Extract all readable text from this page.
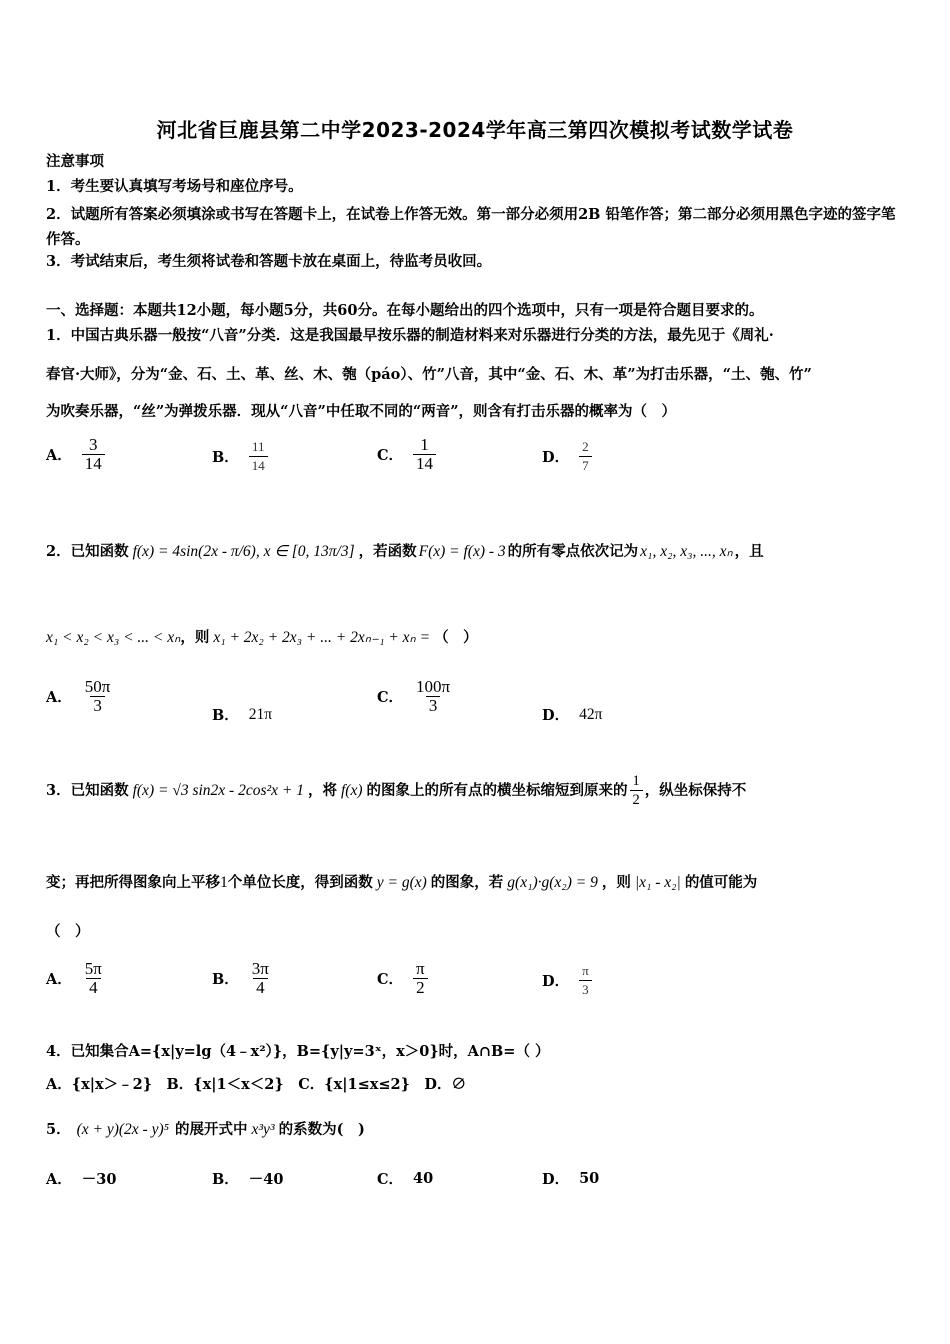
河北省巨鹿县第二中学2023-2024学年高三第四次模拟考试数学试卷
注意事项
1．考生要认真填写考场号和座位序号。
2．试题所有答案必须填涂或书写在答题卡上，在试卷上作答无效。第一部分必须用2B 铅笔作答；第二部分必须用黑色字迹的签字笔作答。
3．考试结束后，考生须将试卷和答题卡放在桌面上，待监考员收回。
一、选择题：本题共12小题，每小题5分，共60分。在每小题给出的四个选项中，只有一项是符合题目要求的。
1．中国古典乐器一般按“八音”分类．这是我国最早按乐器的制造材料来对乐器进行分类的方法，最先见于《周礼·
春官·大师》，分为“金、石、土、革、丝、木、匏（páo）、竹”八音，其中“金、石、木、革”为打击乐器，“土、匏、竹”
为吹奏乐器，“丝”为弹拨乐器．现从“八音”中任取不同的“两音”，则含有打击乐器的概率为（　）
A． $\frac{3}{14}$	B． $\frac{11}{14}$	C． $\frac{1}{14}$	D． $\frac{2}{7}$
2．已知函数 f(x) = 4sin(2x - π/6), x ∈ [0, 13π/3] ，若函数 F(x) = f(x) - 3 的所有零点依次记为 x₁, x₂, x₃, ..., xₙ ，且
x₁ < x₂ < x₃ < ... < xₙ ，则 x₁ + 2x₂ + 2x₃ + ... + 2xₙ₋₁ + xₙ = （　）
A． $\frac{50\pi}{3}$
B． 21π
C． $\frac{100\pi}{3}$
D． 42π
3．已知函数 f(x) = √3 sin2x - 2cos²x + 1 ，将 f(x) 的图象上的所有点的横坐标缩短到原来的 $\frac{1}{2}$ ，纵坐标保持不
变；再把所得图象向上平移 1 个单位长度，得到函数 y = g(x) 的图象，若 g(x₁)·g(x₂) = 9 ，则 |x₁ - x₂| 的值可能为
（　）
A． $\frac{5\pi}{4}$	B． $\frac{3\pi}{4}$	C． $\frac{\pi}{2}$	D． $\frac{\pi}{3}$
4．已知集合A={x|y=lg（4﹣x²）}，B={y|y=3ˣ，x＞0}时，A∩B=（ ）
A．{x|x＞﹣2}　B．{x|1＜x＜2}　C．{x|1≤x≤2}　D．∅
5． (x + y)(2x - y)⁵ 的展开式中 x³y³ 的系数为(　)
A． －30	B． －40	C． 40	D． 50
